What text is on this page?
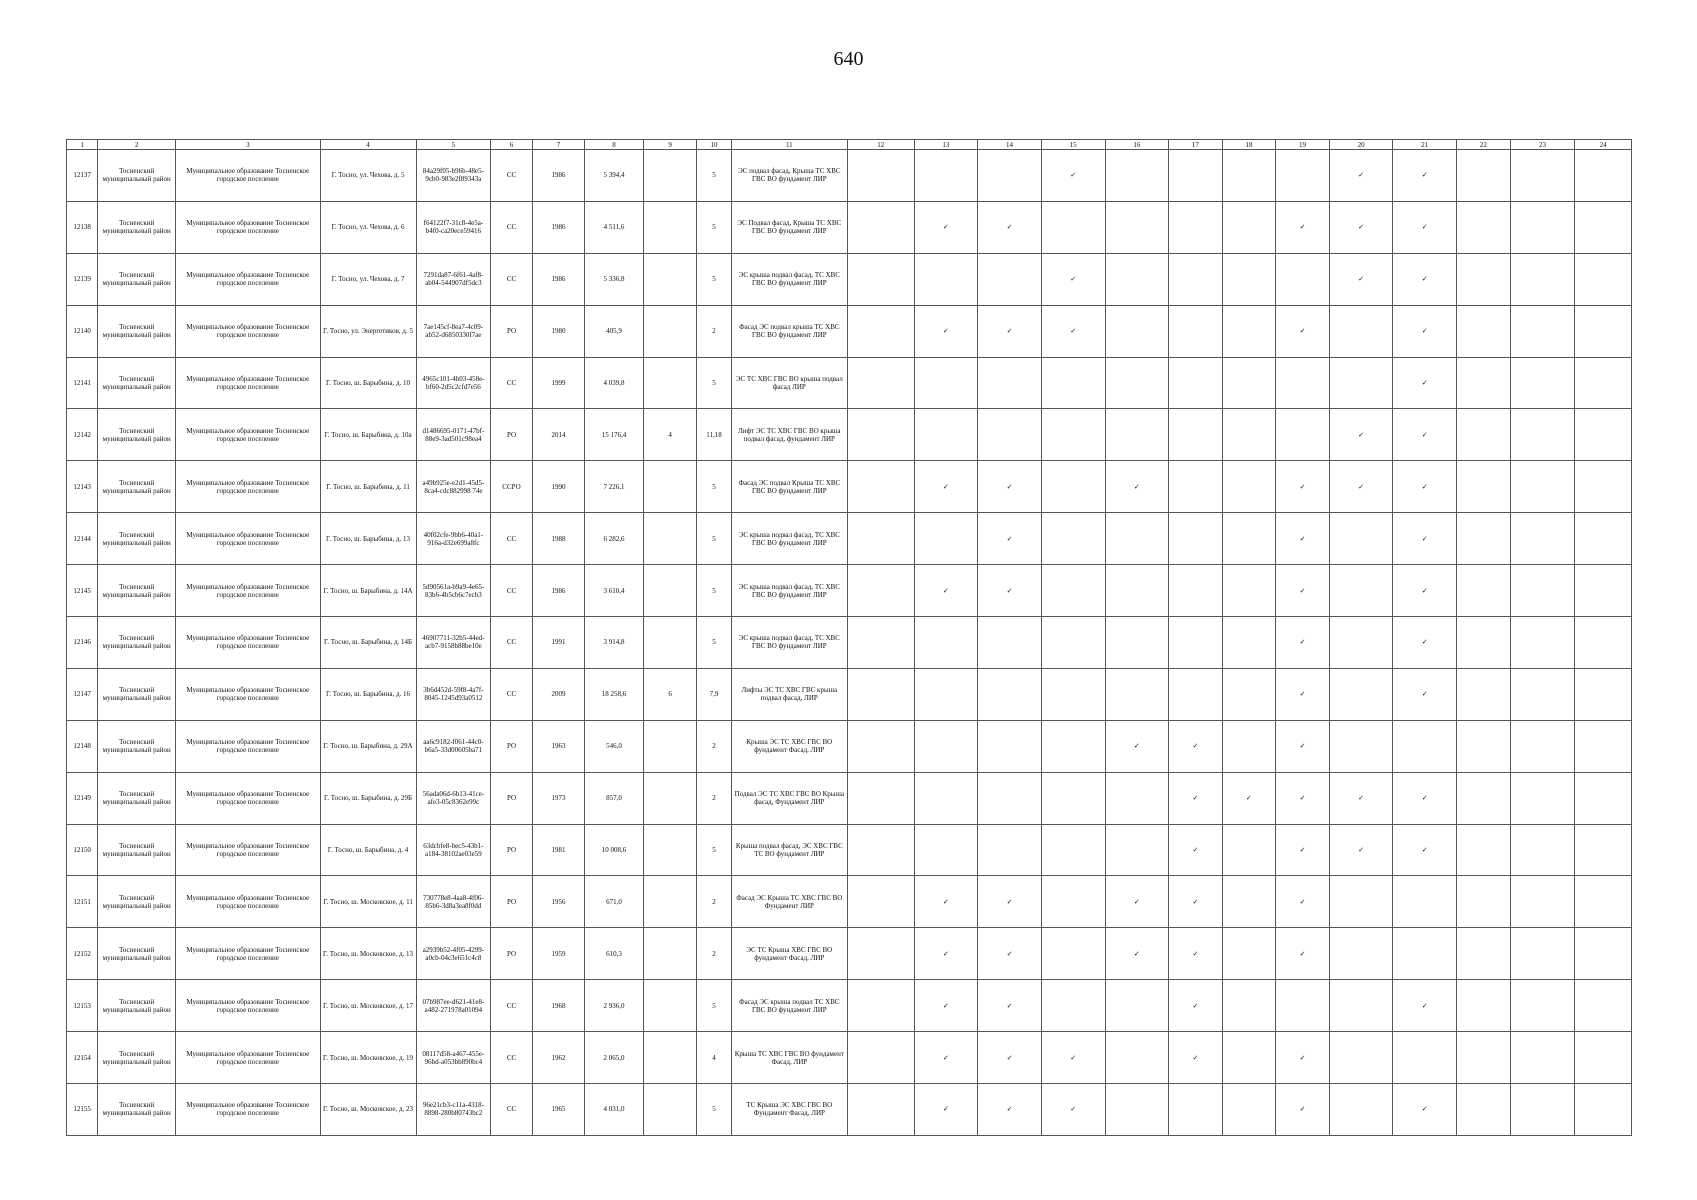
640
1	2	3	4	5	6	7	8	9	10	11	12	13	14	15	16	17	18	19	20	21	22	23	24
12137	Тосненский муниципальный район	Муниципальное образование Тосненское городское поселение	Г. Тосно, ул. Чехова, д. 5	84a29f05-b96b-48e5-9cb0-983e2f89343a	СС	1986	5 394,4		5	ЭС подвал фасад, Крыша ТС ХВС ГВС ВО фундамент ЛИР				✓					✓	✓			
12138	Тосненский муниципальный район	Муниципальное образование Тосненское городское поселение	Г. Тосно, ул. Чехова, д. 6	f64122f7-31c8-4e5a-b4f0-ca20ece59416	СС	1986	4 511,6		5	ЭС Подвал фасад, Крыша ТС ХВС ГВС ВО фундамент ЛИР		✓	✓					✓	✓	✓			
12139	Тосненский муниципальный район	Муниципальное образование Тосненское городское поселение	Г. Тосно, ул. Чехова, д. 7	7291da87-6f61-4af8-ab04-544907df5dc3	СС	1986	5 336,8		5	ЭС крыша подвал фасад, ТС ХВС ГВС ВО фундамент ЛИР				✓					✓	✓			
12140	Тосненский муниципальный район	Муниципальное образование Тосненское городское поселение	Г. Тосно, ул. Энергетиков, д. 5	7ae145cf-8ea7-4c09-ab52-d6850330f7ae	РО	1980	405,9		2	Фасад ЭС подвал крыша ТС ХВС ГВС ВО фундамент ЛИР		✓	✓	✓				✓		✓			
12141	Тосненский муниципальный район	Муниципальное образование Тосненское городское поселение	Г. Тосно, ш. Барыбина, д. 10	4965c101-4b03-458e-bf60-2d5c2cfd7e56	СС	1999	4 039,8		5	ЭС ТС ХВС ГВС ВО крыша подвал фасад ЛИР										✓			
12142	Тосненский муниципальный район	Муниципальное образование Тосненское городское поселение	Г. Тосно, ш. Барыбина, д. 10а	d1486695-0171-47bf-88e9-3ad501c98ea4	РО	2014	15 176,4	4	11,18	Лифт ЭС ТС ХВС ГВС ВО крыша подвал фасад, фундамент ЛИР									✓	✓			
12143	Тосненский муниципальный район	Муниципальное образование Тосненское городское поселение	Г. Тосно, ш. Барыбина, д. 11	a49b925e-e2d1-45d5-8ca4-cdc882998 74e	ССРО	1990	7 226,1		5	Фасад ЭС подвал Крыша ТС ХВС ГВС ВО фундамент ЛИР		✓	✓		✓			✓	✓	✓			
12144	Тосненский муниципальный район	Муниципальное образование Тосненское городское поселение	Г. Тосно, ш. Барыбина, д. 13	40f02cfe-9bb6-40a1-916a-d32e699a8fc	СС	1988	6 282,6		5	ЭС крыша подвал фасад, ТС ХВС ГВС ВО фундамент ЛИР			✓					✓		✓			
12145	Тосненский муниципальный район	Муниципальное образование Тосненское городское поселение	Г. Тосно, ш. Барыбина, д. 14А	5d90561a-b9a9-4e65-83b6-4b5cb6c7ecb3	СС	1986	3 610,4		5	ЭС крыша подвал фасад, ТС ХВС ГВС ВО фундамент ЛИР		✓	✓					✓		✓			
12146	Тосненский муниципальный район	Муниципальное образование Тосненское городское поселение	Г. Тосно, ш. Барыбина, д. 14Б	46907711-32b5-44ed-acb7-9158b88be10e	СС	1991	3 914,8		5	ЭС крыша подвал фасад, ТС ХВС ГВС ВО фундамент ЛИР								✓		✓			
12147	Тосненский муниципальный район	Муниципальное образование Тосненское городское поселение	Г. Тосно, ш. Барыбина, д. 16	3b6d452d-59f8-4a7f-8045-1245d93a0512	СС	2009	18 258,6	6	7,9	Лифты ЭС ТС ХВС ГВС крыша подвал фасад, ЛИР								✓		✓			
12148	Тосненский муниципальный район	Муниципальное образование Тосненское городское поселение	Г. Тосно, ш. Барыбина, д. 29А	aa6c9182-f061-44c0-b6a5-33d00605ba71	РО	1963	546,0		2	Крыша ЭС ТС ХВС ГВС ВО фундамент Фасад, ЛИР					✓	✓		✓					
12149	Тосненский муниципальный район	Муниципальное образование Тосненское городское поселение	Г. Тосно, ш. Барыбина, д. 29Б	56ada06d-6b13-41ce-afe3-05c8362e99c	РО	1973	857,0		2	Подвал ЭС ТС ХВС ГВС ВО Крыша фасад, Фундамент ЛИР						✓	✓	✓	✓	✓			
12150	Тосненский муниципальный район	Муниципальное образование Тосненское городское поселение	Г. Тосно, ш. Барыбина, д. 4	63dcbfe8-bec5-43b1-a184-38102ae03e59	РО	1981	10 008,6		5	Крыша подвал фасад, ЭС ХВС ГВС ТС ВО фундамент ЛИР						✓		✓	✓	✓			
12151	Тосненский муниципальный район	Муниципальное образование Тосненское городское поселение	Г. Тосно, ш. Московское, д. 11	730778e8-4aa8-4f06-85b6-3d8a3ea8f0dd	РО	1956	671,0		2	Фасад ЭС Крыша ТС ХВС ГВС ВО Фундамент ЛИР		✓	✓		✓	✓		✓					
12152	Тосненский муниципальный район	Муниципальное образование Тосненское городское поселение	Г. Тосно, ш. Московское, д. 13	a2939b52-4f05-4299-a0cb-04c3e651c4c8	РО	1959	610,3		2	ЭС ТС Крыша ХВС ГВС ВО фундамент Фасад, ЛИР		✓	✓		✓	✓		✓					
12153	Тосненский муниципальный район	Муниципальное образование Тосненское городское поселение	Г. Тосно, ш. Московское, д. 17	07b987ee-d621-41e8-a482-271978a01094	СС	1968	2 936,0		5	Фасад ЭС крыша подвал ТС ХВС ГВС ВО фундамент ЛИР		✓	✓			✓				✓			
12154	Тосненский муниципальный район	Муниципальное образование Тосненское городское поселение	Г. Тосно, ш. Московское, д. 19	08117d58-a467-455e-96bd-a053bb890bc4	СС	1962	2 065,0		4	Крыша ТС ХВС ГВС ВО фундамент Фасад, ЛИР		✓	✓	✓		✓		✓					
12155	Тосненский муниципальный район	Муниципальное образование Тосненское городское поселение	Г. Тосно, ш. Московское, д. 23	96e21cb3-c11a-4318-8898-280b80743bc2	СС	1965	4 031,0		5	ТС Крыша ЭС ХВС ГВС ВО Фундамент Фасад, ЛИР		✓	✓	✓				✓		✓			
